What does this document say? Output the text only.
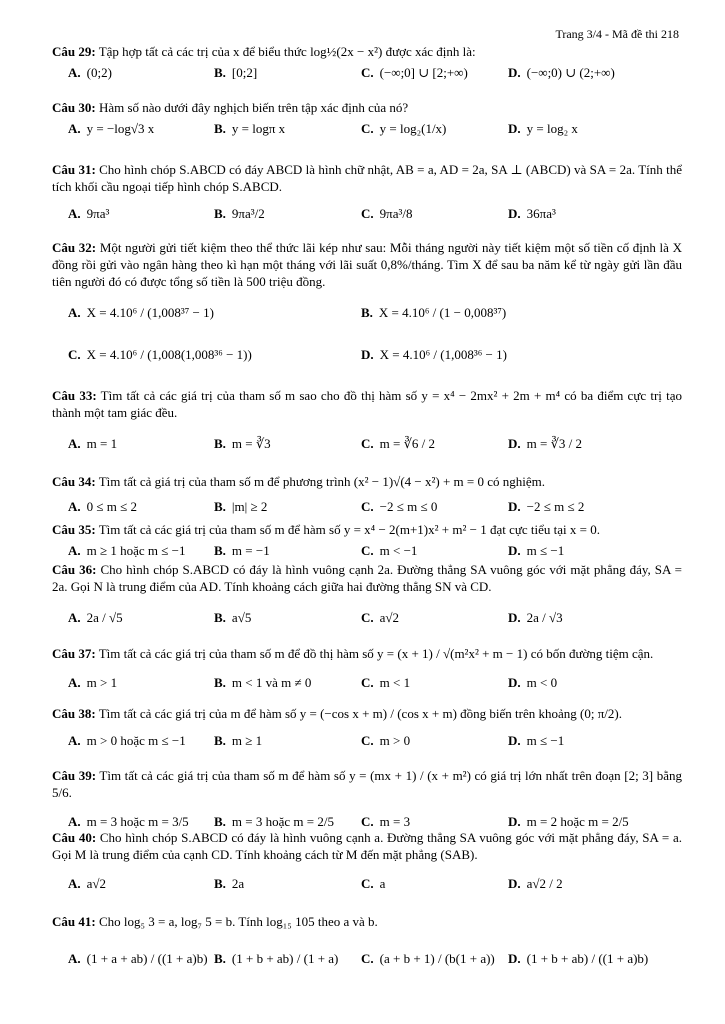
Trang 3/4 - Mã đề thi 218
Câu 29: Tập hợp tất cả các trị của x để biểu thức log½(2x − x²) được xác định là:
A. (0;2)	B. [0;2]	C. (−∞;0] ∪ [2;+∞)	D. (−∞;0) ∪ (2;+∞)
Câu 30: Hàm số nào dưới đây nghịch biến trên tập xác định của nó?
A. y = −log√3 x	B. y = logπ x	C. y = log₂(1/x)	D. y = log₂ x
Câu 31: Cho hình chóp S.ABCD có đáy ABCD là hình chữ nhật, AB = a, AD = 2a, SA ⊥ (ABCD) và SA = 2a. Tính thể tích khối cầu ngoại tiếp hình chóp S.ABCD.
A. 9πa³	B. 9πa³/2	C. 9πa³/8	D. 36πa³
Câu 32: Một người gửi tiết kiệm theo thể thức lãi kép như sau: Mỗi tháng người này tiết kiệm một số tiền cố định là X đồng rồi gửi vào ngân hàng theo kì hạn một tháng với lãi suất 0,8%/tháng. Tìm X để sau ba năm kể từ ngày gửi lần đầu tiên người đó có được tổng số tiền là 500 triệu đồng.
A. X = 4.10⁶ / (1,008³⁷ − 1)	B. X = 4.10⁶ / (1 − 0,008³⁷)
C. X = 4.10⁶ / (1,008(1,008³⁶ − 1))	D. X = 4.10⁶ / (1,008³⁶ − 1)
Câu 33: Tìm tất cả các giá trị của tham số m sao cho đồ thị hàm số y = x⁴ − 2mx² + 2m + m⁴ có ba điểm cực trị tạo thành một tam giác đều.
A. m = 1	B. m = ∛3	C. m = ∛6 / 2	D. m = ∛3 / 2
Câu 34: Tìm tất cả giá trị của tham số m để phương trình (x² − 1)√(4 − x²) + m = 0 có nghiệm.
A. 0 ≤ m ≤ 2	B. |m| ≥ 2	C. −2 ≤ m ≤ 0	D. −2 ≤ m ≤ 2
Câu 35: Tìm tất cả các giá trị của tham số m để hàm số y = x⁴ − 2(m+1)x² + m² − 1 đạt cực tiểu tại x = 0.
A. m ≥ 1 hoặc m ≤ −1 B. m = −1	C. m < −1	D. m ≤ −1
Câu 36: Cho hình chóp S.ABCD có đáy là hình vuông cạnh 2a. Đường thẳng SA vuông góc với mặt phẳng đáy, SA = 2a. Gọi N là trung điểm của AD. Tính khoảng cách giữa hai đường thẳng SN và CD.
A. 2a / √5	B. a√5	C. a√2	D. 2a / √3
Câu 37: Tìm tất cả các giá trị của tham số m để đồ thị hàm số y = (x + 1) / √(m²x² + m − 1) có bốn đường tiệm cận.
A. m > 1	B. m < 1 và m ≠ 0	C. m < 1	D. m < 0
Câu 38: Tìm tất cả các giá trị của m để hàm số y = (−cos x + m) / (cos x + m) đồng biến trên khoảng (0; π/2).
A. m > 0 hoặc m ≤ −1 B. m ≥ 1	C. m > 0	D. m ≤ −1
Câu 39: Tìm tất cả các giá trị của tham số m để hàm số y = (mx + 1) / (x + m²) có giá trị lớn nhất trên đoạn [2; 3] bằng 5/6.
A. m = 3 hoặc m = 3/5 B. m = 3 hoặc m = 2/5 C. m = 3	D. m = 2 hoặc m = 2/5
Câu 40: Cho hình chóp S.ABCD có đáy là hình vuông cạnh a. Đường thẳng SA vuông góc với mặt phẳng đáy, SA = a. Gọi M là trung điểm của cạnh CD. Tính khoảng cách từ M đến mặt phẳng (SAB).
A. a√2	B. 2a	C. a	D. a√2 / 2
Câu 41: Cho log₅ 3 = a, log₇ 5 = b. Tính log₁₅ 105 theo a và b.
A. (1 + a + ab) / ((1 + a)b) B. (1 + b + ab) / (1 + a) C. (a + b + 1) / (b(1 + a)) D. (1 + b + ab) / ((1 + a)b)
